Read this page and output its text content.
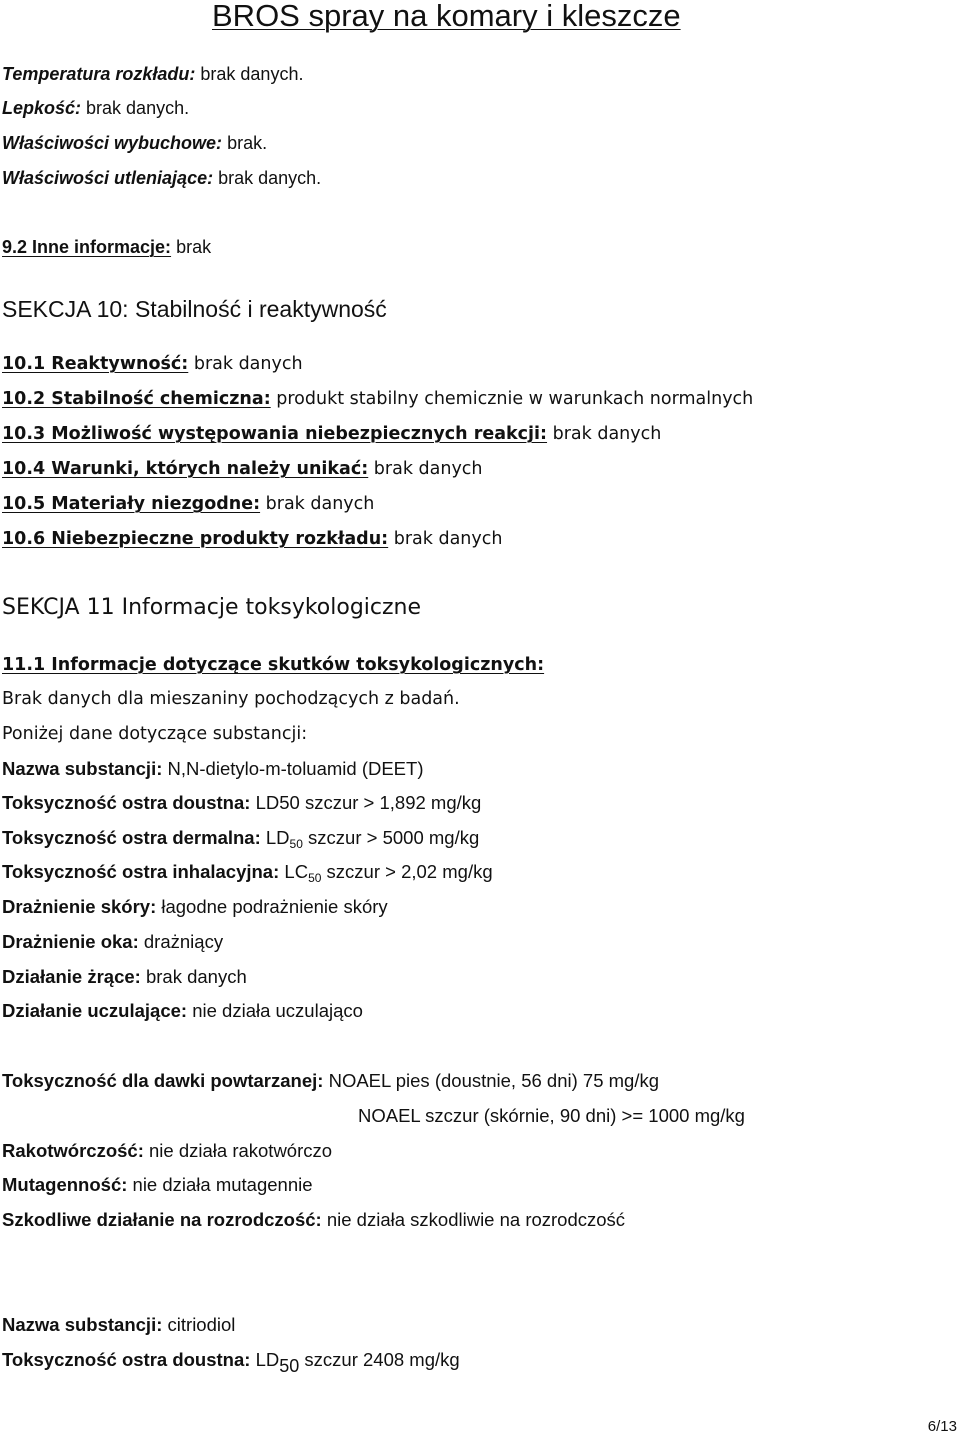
BROS spray na komary i kleszcze
Temperatura rozkładu: brak danych.
Lepkość: brak danych.
Właściwości wybuchowe: brak.
Właściwości utleniające: brak danych.
9.2 Inne informacje: brak
SEKCJA 10: Stabilność i reaktywność
10.1 Reaktywność: brak danych
10.2 Stabilność chemiczna: produkt stabilny chemicznie w warunkach normalnych
10.3 Możliwość występowania niebezpiecznych reakcji: brak danych
10.4 Warunki, których należy unikać: brak danych
10.5 Materiały niezgodne: brak danych
10.6 Niebezpieczne produkty rozkładu: brak danych
SEKCJA 11 Informacje toksykologiczne
11.1 Informacje dotyczące skutków toksykologicznych:
Brak danych dla mieszaniny pochodzących z badań.
Poniżej dane dotyczące substancji:
Nazwa substancji: N,N-dietylo-m-toluamid (DEET)
Toksyczność ostra doustna: LD50 szczur > 1,892 mg/kg
Toksyczność ostra dermalna: $LD_{50}$ szczur > 5000 mg/kg
Toksyczność ostra inhalacyjna: $LC_{50}$ szczur > 2,02 mg/kg
Drażnienie skóry: łagodne podrażnienie skóry
Drażnienie oka: drażniący
Działanie żrące: brak danych
Działanie uczulające: nie działa uczulająco
Toksyczność dla dawki powtarzanej: NOAEL pies (doustnie, 56 dni) 75 mg/kg
NOAEL szczur (skórnie, 90 dni) >= 1000 mg/kg
Rakotwórczość: nie działa rakotwórczo
Mutagenność: nie działa mutagennie
Szkodliwe działanie na rozrodczość: nie działa szkodliwie na rozrodczość
Nazwa substancji: citriodiol
Toksyczność ostra doustna: LD50 szczur 2408 mg/kg
6/13
